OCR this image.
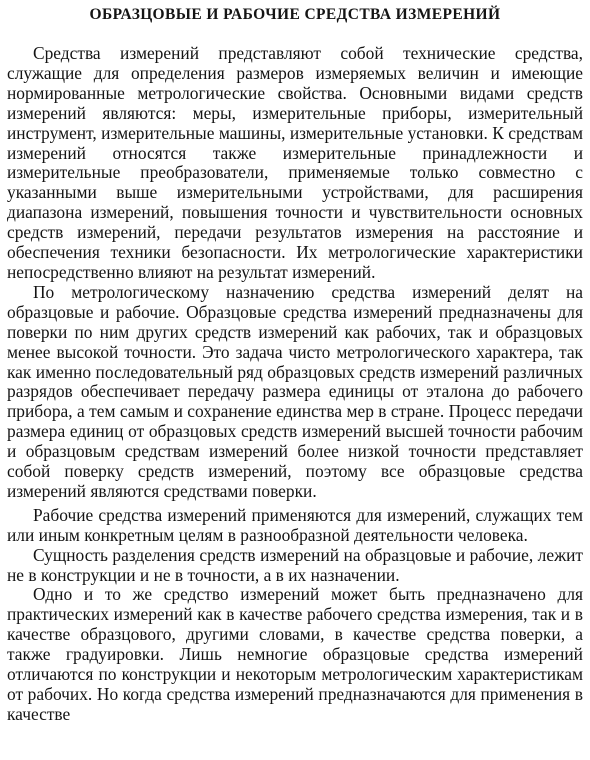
ОБРАЗЦОВЫЕ И РАБОЧИЕ СРЕДСТВА ИЗМЕРЕНИЙ

Средства измерений представляют собой технические средства, служащие для определения размеров измеряемых величин и имеющие нормированные метрологические свойства. Основными видами средств измерений являются: меры, измерительные приборы, измерительный инструмент, измерительные машины, измерительные установки. К средствам измерений относятся также измерительные принадлежности и измерительные преобразователи, применяемые только совместно с указанными выше измерительными устройствами, для расширения диапазона измерений, повышения точности и чувствительности основных средств измерений, передачи результатов измерения на расстояние и обеспечения техники безопасности. Их метрологические характеристики непосредственно влияют на результат измерений.

По метрологическому назначению средства измерений делят на образцовые и рабочие. Образцовые средства измерений предназначены для поверки по ним других средств измерений как рабочих, так и образцовых менее высокой точности. Это задача чисто метрологического характера, так как именно последовательный ряд образцовых средств измерений различных разрядов обеспечивает передачу размера единицы от эталона до рабочего прибора, а тем самым и сохранение единства мер в стране. Процесс передачи размера единиц от образцовых средств измерений высшей точности рабочим и образцовым средствам измерений более низкой точности представляет собой поверку средств измерений, поэтому все образцовые средства измерений являются средствами поверки.

Рабочие средства измерений применяются для измерений, служащих тем или иным конкретным целям в разнообразной деятельности человека.

Сущность разделения средств измерений на образцовые и рабочие, лежит не в конструкции и не в точности, а в их назначении.

Одно и то же средство измерений может быть предназначено для практических измерений как в качестве рабочего средства измерения, так и в качестве образцового, другими словами, в качестве средства поверки, а также градуировки. Лишь немногие образцовые средства измерений отличаются по конструкции и некоторым метрологическим характеристикам от рабочих. Но когда средства измерений предназначаются для применения в качестве
